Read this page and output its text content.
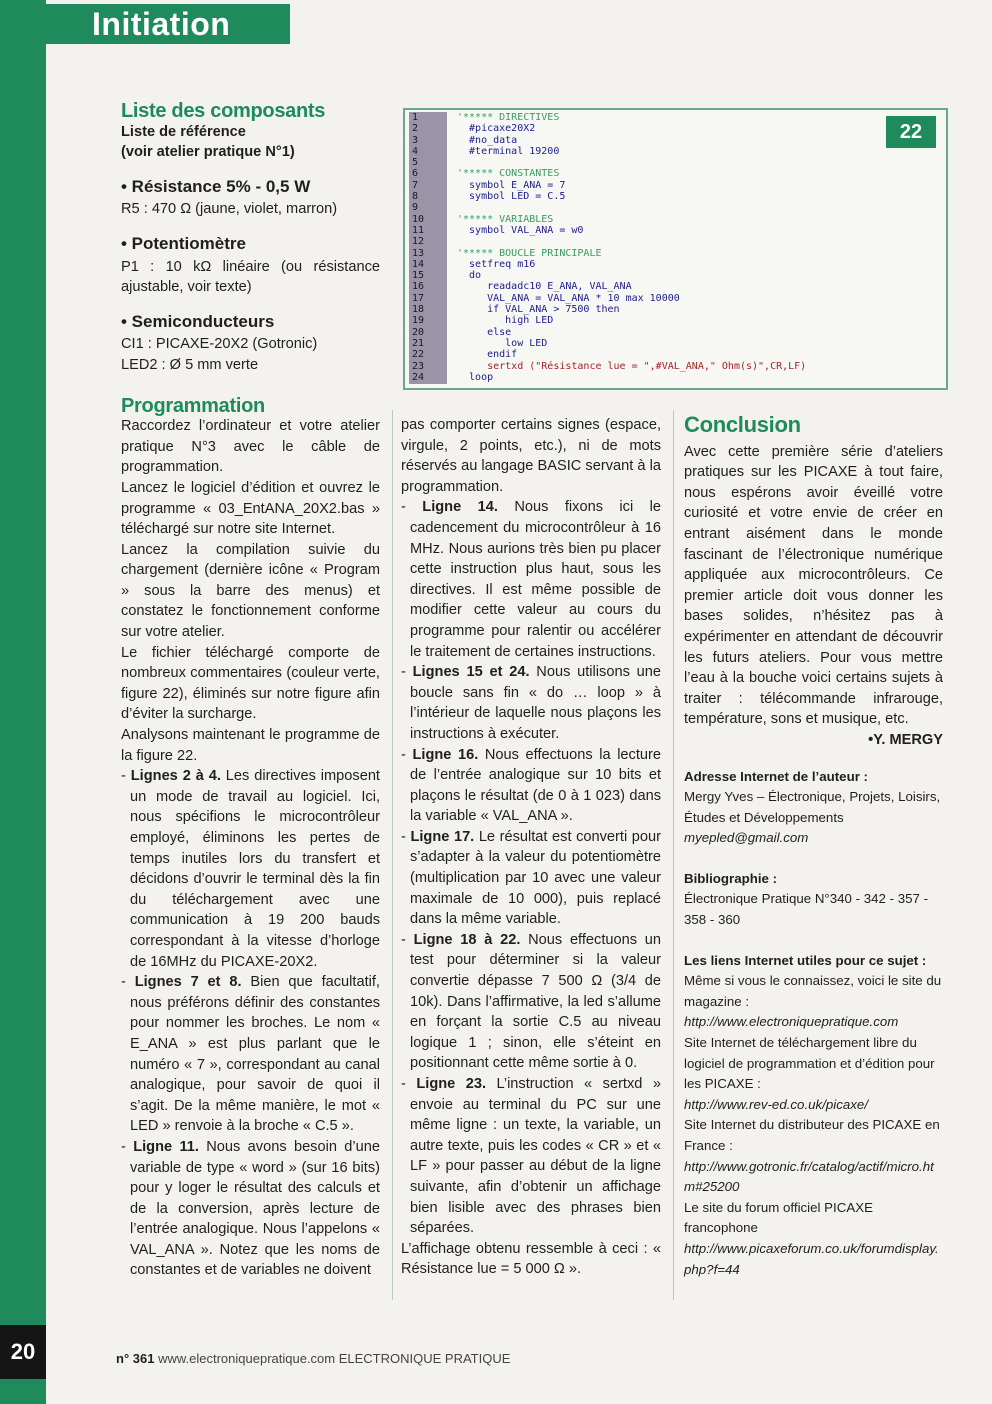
Initiation
1
2
3
4
5
6
7
8
9
10
11
12
13
14
15
16
17
18
19
20
21
22
23
24
'***** DIRECTIVES
#picaxe20X2
#no_data
#terminal 19200
'***** CONSTANTES
symbol E_ANA = 7
symbol LED = C.5
'***** VARIABLES
symbol VAL_ANA = w0
'***** BOUCLE PRINCIPALE
setfreq m16
do
readadc10 E_ANA, VAL_ANA
VAL_ANA = VAL_ANA * 10 max 10000
if VAL_ANA > 7500 then
high LED
else
low LED
endif
sertxd ("Résistance lue = ",#VAL_ANA," Ohm(s)",CR,LF)
loop
22
Liste des composants
Liste de référence
(voir atelier pratique N°1)
• Résistance 5% - 0,5 W

R5 : 470 Ω (jaune, violet, marron)

• Potentiomètre

P1 : 10 kΩ linéaire (ou résistance ajustable, voir texte)

• Semiconducteurs

CI1 : PICAXE-20X2 (Gotronic)

LED2 : Ø 5 mm verte

Programmation

Raccordez l’ordinateur et votre atelier pratique N°3 avec le câble de programmation.

Lancez le logiciel d’édition et ouvrez le programme « 03_EntANA_20X2.bas » téléchargé sur notre site Internet.

Lancez la compilation suivie du chargement (dernière icône « Program » sous la barre des menus) et constatez le fonctionnement conforme sur votre atelier.

Le fichier téléchargé comporte de nombreux commentaires (couleur verte, figure 22), éliminés sur notre figure afin d’éviter la surcharge.

Analysons maintenant le programme de la figure 22.

- Lignes 2 à 4. Les directives imposent un mode de travail au logiciel. Ici, nous spécifions le microcontrôleur employé, éliminons les pertes de temps inutiles lors du transfert et décidons d’ouvrir le terminal dès la fin du téléchargement avec une communication à 19 200 bauds correspondant à la vitesse d’horloge de 16MHz du PICAXE-20X2.

- Lignes 7 et 8. Bien que facultatif, nous préférons définir des constantes pour nommer les broches. Le nom « E_ANA » est plus parlant que le numéro « 7 », correspondant au canal analogique, pour savoir de quoi il s’agit. De la même manière, le mot « LED » renvoie à la broche « C.5 ».

- Ligne 11. Nous avons besoin d’une variable de type « word » (sur 16 bits) pour y loger le résultat des calculs et de la conversion, après lecture de l’entrée analogique. Nous l’appelons « VAL_ANA ». Notez que les noms de constantes et de variables ne doivent

pas comporter certains signes (espace, virgule, 2 points, etc.), ni de mots réservés au langage BASIC servant à la programmation.

- Ligne 14. Nous fixons ici le cadencement du microcontrôleur à 16 MHz. Nous aurions très bien pu placer cette instruction plus haut, sous les directives. Il est même possible de modifier cette valeur au cours du programme pour ralentir ou accélérer le traitement de certaines instructions.

- Lignes 15 et 24. Nous utilisons une boucle sans fin « do … loop » à l’intérieur de laquelle nous plaçons les instructions à exécuter.

- Ligne 16. Nous effectuons la lecture de l’entrée analogique sur 10 bits et plaçons le résultat (de 0 à 1 023) dans la variable « VAL_ANA ».

- Ligne 17. Le résultat est converti pour s’adapter à la valeur du potentiomètre (multiplication par 10 avec une valeur maximale de 10 000), puis replacé dans la même variable.

- Ligne 18 à 22. Nous effectuons un test pour déterminer si la valeur convertie dépasse 7 500 Ω (3/4 de 10k). Dans l’affirmative, la led s’allume en forçant la sortie C.5 au niveau logique 1 ; sinon, elle s’éteint en positionnant cette même sortie à 0.

- Ligne 23. L’instruction « sertxd » envoie au terminal du PC sur une même ligne : un texte, la variable, un autre texte, puis les codes « CR » et « LF » pour passer au début de la ligne suivante, afin d’obtenir un affichage bien lisible avec des phrases bien séparées.

L’affichage obtenu ressemble à ceci : « Résistance lue = 5 000 Ω ».

Conclusion

Avec cette première série d’ateliers pratiques sur les PICAXE à tout faire, nous espérons avoir éveillé votre curiosité et votre envie de créer en entrant aisément dans le monde fascinant de l’électronique numérique appliquée aux microcontrôleurs. Ce premier article doit vous donner les bases solides, n’hésitez pas à expérimenter en attendant de découvrir les futurs ateliers. Pour vous mettre l’eau à la bouche voici certains sujets à traiter : télécommande infrarouge, température, sons et musique, etc.

•Y. MERGY

Adresse Internet de l’auteur :

Mergy Yves – Électronique, Projets, Loisirs, Études et Développements

myepled@gmail.com

Bibliographie :

Électronique Pratique N°340 - 342 - 357 - 358 - 360

Les liens Internet utiles pour ce sujet :

Même si vous le connaissez, voici le site du magazine :

http://www.electroniquepratique.com

Site Internet de téléchargement libre du logiciel de programmation et d’édition pour les PICAXE :

http://www.rev-ed.co.uk/picaxe/

Site Internet du distributeur des PICAXE en France :

http://www.gotronic.fr/catalog/actif/micro.htm#25200

Le site du forum officiel PICAXE francophone

http://www.picaxeforum.co.uk/forumdisplay.php?f=44

20	n° 361 www.electroniquepratique.com ELECTRONIQUE PRATIQUE
